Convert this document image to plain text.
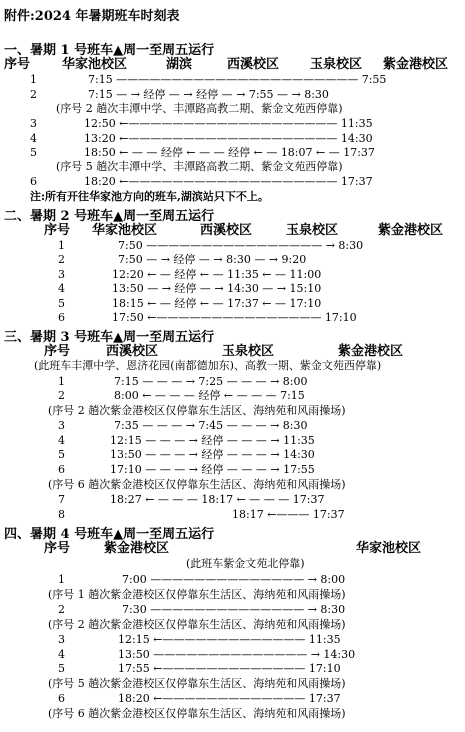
附件:2024 年暑期班车时刻表
一、暑期 1 号班车▲周一至周五运行
序号 华家池校区	湖滨	西溪校区 玉泉校区 紫金港校区
1	7:15 —————————————————————— 7:55
2	7:15 — → 经停 — → 经停 — → 7:55 — → 8:30
(序号 2 趟次丰潭中学、丰潭路高教二期、紫金文苑西停靠)
3	12:50 ←——————————————————— 11:35
4	13:20 ←——————————————————— 14:30
5	18:50 ← — — 经停 ← — — 经停 ← — 18:07 ← — 17:37
(序号 5 趟次丰潭中学、丰潭路高教二期、紫金文苑西停靠)
6	18:20 ←——————————————————— 17:37
注:所有开往华家池方向的班车,湖滨站只下不上。
二、暑期 2 号班车▲周一至周五运行
序号 华家池校区	西溪校区	玉泉校区	紫金港校区
1	7:50 ———————————————— → 8:30
2	7:50 — → 经停 — → 8:30 — → 9:20
3	12:20 ← — 经停 ← — 11:35 ← — 11:00
4	13:50 — → 经停 — → 14:30 — → 15:10
5	18:15 ← — 经停 ← — 17:37 ← — 17:10
6	17:50 ←——————————————— 17:10
三、暑期 3 号班车▲周一至周五运行
序号	西溪校区	玉泉校区	紫金港校区
(此班车丰潭中学、恩济花园(南都德加东)、高教一期、紫金文苑西停靠)
1	7:15 — — — → 7:25 — — — → 8:00
2	8:00 ← — — — 经停 ← — — — 7:15
(序号 2 趟次紫金港校区仅停靠东生活区、海纳苑和风雨操场)
3	7:35 — — — → 7:45 — — — → 8:30
4	12:15 — — — → 经停 — — — → 11:35
5	13:50 — — — → 经停 — — — → 14:30
6	17:10 — — — → 经停 — — — → 17:55
(序号 6 趟次紫金港校区仅停靠东生活区、海纳苑和风雨操场)
7	18:27 ← — — — 18:17 ← — — — 17:37
8	18:17 ←——— 17:37
四、暑期 4 号班车▲周一至周五运行
序号	紫金港校区	华家池校区
(此班车紫金文苑北停靠)
1	7:00 —————————————— → 8:00
(序号 1 趟次紫金港校区仅停靠东生活区、海纳苑和风雨操场)
2	7:30 —————————————— → 8:30
(序号 2 趟次紫金港校区仅停靠东生活区、海纳苑和风雨操场)
3	12:15 ←————————————— 11:35
4	13:50 —————————————— → 14:30
5	17:55 ←————————————— 17:10
(序号 5 趟次紫金港校区仅停靠东生活区、海纳苑和风雨操场)
6	18:20 ←————————————— 17:37
(序号 6 趟次紫金港校区仅停靠东生活区、海纳苑和风雨操场)
